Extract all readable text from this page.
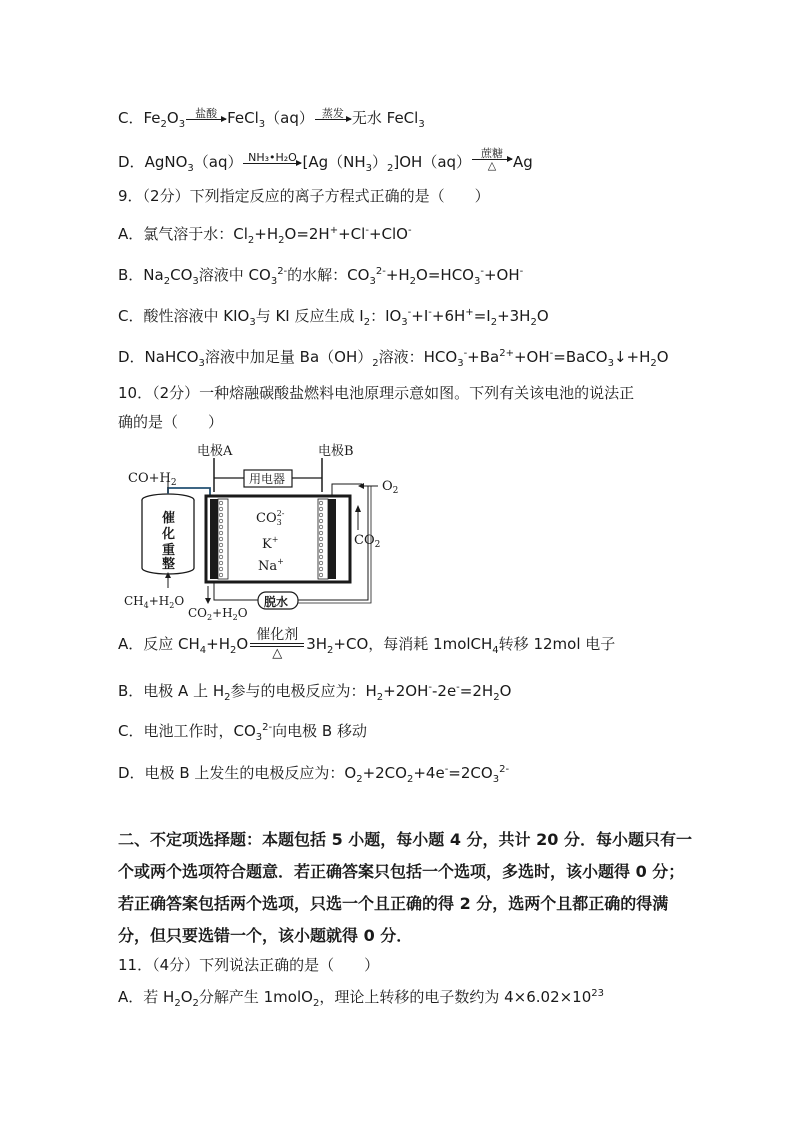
C．$Fe_2O_3$
盐酸 FeCl$_3$（aq） 蒸发 无水 FeCl$_3$
D．AgNO$_3$（aq） NH₃•H₂O $[Ag(NH_3)_2]OH(aq)$ 蔗糖
△	Ag
9．（2分）下列指定反应的离子方程式正确的是（　　）
A．氯气溶于水：$Cl_2+H_2O=2H^++Cl^-+ClO^-$
B．$Na_2CO_3$溶液中 $CO_3^{2-}$的水解：$CO_3^{2-}+H_2O=HCO_3^-+OH^-$
C．酸性溶液中 $KIO_3$与 KI 反应生成 $I_2$：$IO_3^-+I^-+6H^+=I_2+3H_2O$
D．NaHCO$_3$溶液中加足量 $Ba(OH)_2$溶液：$HCO_3^-+Ba^{2+}+OH^-=BaCO_3↓+H_2O$
10．（2分）一种熔融碳酸盐燃料电池原理示意如图。下列有关该电池的说法正
确的是（　　）
电极A	电极B
$CO+H_2$	用电器
催 化 重 整
$CO_32-$
K+
Na+
$O_2$
$CO_2$
脱水
$CO_2+H_2O$
$CH_4+H_2O$
A．反应 $CH_4+H_2O$ 催化剂
△
$3H_2+CO$，每消耗 1molCH$_4$转移 12mol 电子
B．电极 A 上 $H_2$参与的电极反应为：$H_2+2OH^--2e^-=2H_2O$
C．电池工作时，$CO_3^{2-}$向电极 B 移动
D．电极 B 上发生的电极反应为：$O_2+2CO_2+4e^-=2CO_3^{2-}$
二、不定项选择题：本题包括 5 小题，每小题 4 分，共计 20 分．每小题只有一
个或两个选项符合题意．若正确答案只包括一个选项，多选时，该小题得 0 分；
若正确答案包括两个选项，只选一个且正确的得 2 分，选两个且都正确的得满
分，但只要选错一个，该小题就得 0 分．
11．（4分）下列说法正确的是（　　）
A．若 $H_2O_2$分解产生 1molO$_2$，理论上转移的电子数约为 $4\times 6.02\times 10^{23}$
